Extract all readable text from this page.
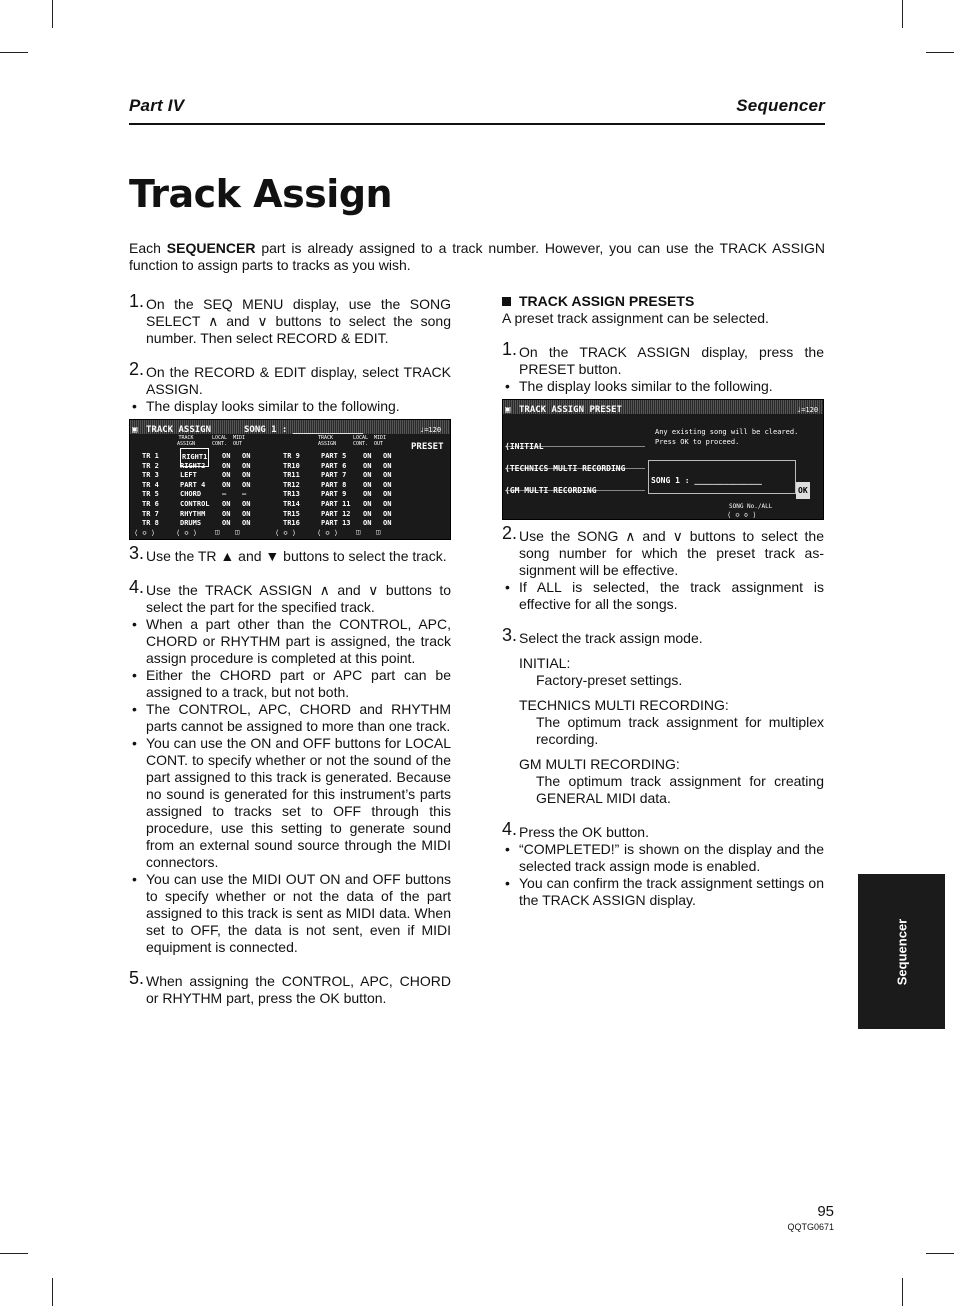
Part IV	Sequencer
Track Assign
Each SEQUENCER part is already assigned to a track number. However, you can use the TRACK ASSIGN function to assign parts to tracks as you wish.

1. On the SEQ MENU display, use the SONG SELECT ∧ and ∨ buttons to select the song number. Then select RECORD & EDIT.

2. On the RECORD & EDIT display, select TRACK ASSIGN.

• The display looks similar to the following.

▣ TRACK ASSIGN	SONG 1 : _____________	♩=120
PRESET
TRACK
ASSIGN
LOCAL
CONT.
MIDI
OUT
TRACK
ASSIGN
LOCAL
CONT.
MIDI
OUT
⟨ ≎ ⟩	⟨ ≎ ⟩	◫ ◫	⟨ ≎ ⟩	⟨ ≎ ⟩	◫ ◫
TR 1	RIGHT1 ON ON
TR 2	RIGHT2 ON ON
TR 3	LEFT	ON ON
TR 4	PART 4 ON ON
TR 5	CHORD	— —
TR 6	CONTROL ON ON
TR 7	RHYTHM ON ON
TR 8	DRUMS	ON ON
TR 9	PART 5 ON ON
TR10	PART 6 ON ON
TR11	PART 7 ON ON
TR12	PART 8 ON ON
TR13	PART 9 ON ON
TR14	PART 11 ON ON
TR15	PART 12 ON ON
TR16	PART 13 ON ON

3. Use the TR ▲ and ▼ buttons to select the track.

4. Use the TRACK ASSIGN ∧ and ∨ buttons to select the part for the specified track.

• When a part other than the CONTROL, APC, CHORD or RHYTHM part is assigned, the track assign procedure is completed at this point.

• Either the CHORD part or APC part can be assigned to a track, but not both.

• The CONTROL, APC, CHORD and RHYTHM parts cannot be assigned to more than one track.

• You can use the ON and OFF buttons for LOCAL CONT. to specify whether or not the sound of the part assigned to this track is generated. Because no sound is generated for this instrument’s parts assigned to tracks set to OFF through this procedure, use this setting to generate sound from an external sound source through the MIDI connectors.

• You can use the MIDI OUT ON and OFF buttons to specify whether or not the data of the part assigned to this track is sent as MIDI data. When set to OFF, the data is not sent, even if MIDI equipment is connected.

5. When assigning the CONTROL, APC, CHORD or RHYTHM part, press the OK button.

TRACK ASSIGN PRESETS

A preset track assignment can be selected.

1. On the TRACK ASSIGN display, press the PRESET button.

• The display looks similar to the following.

▣ TRACK ASSIGN PRESET	♩=120
Any existing song will be cleared.
Press OK to proceed.
⟨INITIAL
⟨TECHNICS MULTI RECORDING
⟨GM MULTI RECORDING
SONG 1 : ______________
OK
SONG No./ALL
⟨ ≎ ≎ ⟩

2. Use the SONG ∧ and ∨ buttons to select the song number for which the preset track as-signment will be effective.

• If ALL is selected, the track assignment is effective for all the songs.

3. Select the track assign mode.

INITIAL:

Factory-preset settings.

TECHNICS MULTI RECORDING:

The optimum track assignment for multiplex recording.

GM MULTI RECORDING:

The optimum track assignment for creating GENERAL MIDI data.

4. Press the OK button.

• “COMPLETED!” is shown on the display and the selected track assign mode is enabled.

• You can confirm the track assignment settings on the TRACK ASSIGN display.

Sequencer
95
QQTG0671
